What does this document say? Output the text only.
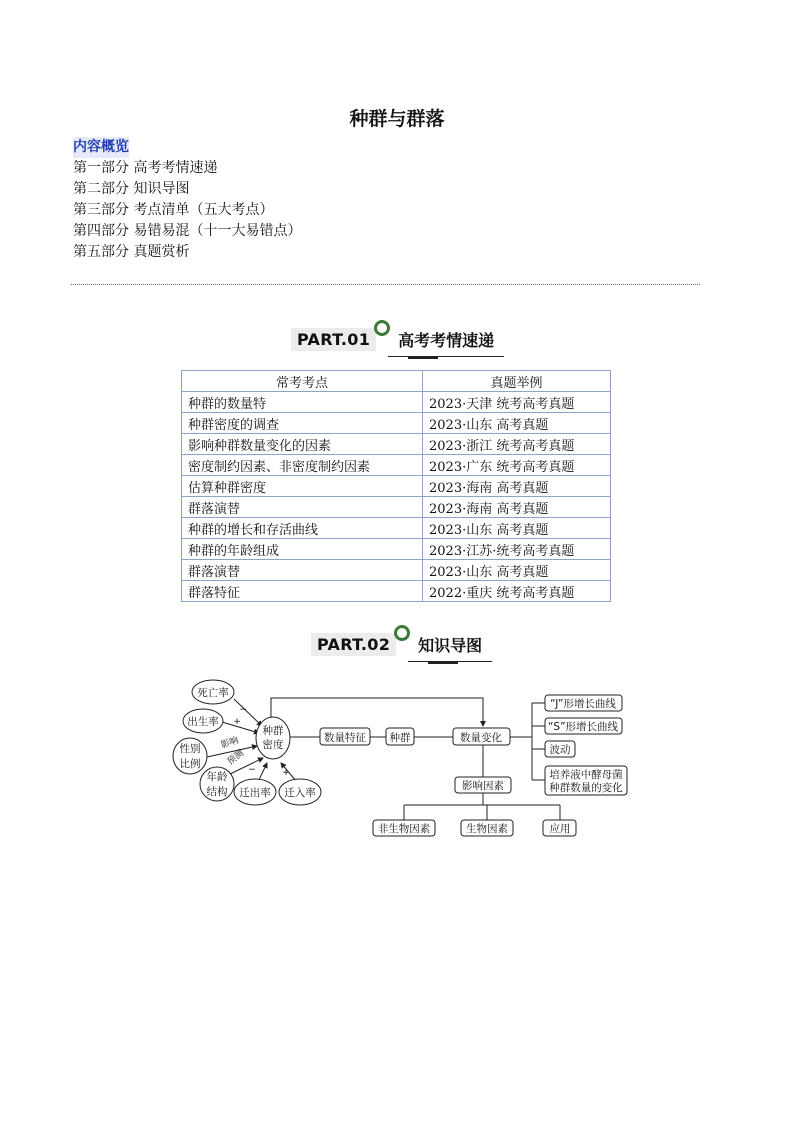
种群与群落
内容概览
第一部分 高考考情速递
第二部分 知识导图
第三部分 考点清单（五大考点）
第四部分 易错易混（十一大易错点）
第五部分 真题赏析
PART.01	高考考情速递
常考考点	真题举例
种群的数量特	2023·天津 统考高考真题
种群密度的调查	2023·山东 高考真题
影响种群数量变化的因素	2023·浙江 统考高考真题
密度制约因素、非密度制约因素	2023·广东 统考高考真题
估算种群密度	2023·海南 高考真题
群落演替	2023·海南 高考真题
种群的增长和存活曲线	2023·山东 高考真题
种群的年龄组成	2023·江苏·统考高考真题
群落演替	2023·山东 高考真题
群落特征	2022·重庆 统考高考真题
PART.02	知识导图
死亡率
出生率
性别
比例
年龄
结构 迁出率 迁入率
种群
密度
−
+
影响
预测
−	+
数量特征 种群	数量变化
“J”形增长曲线
“S”形增长曲线
波动
培养液中酵母菌
种群数量的变化
影响因素
非生物因素	生物因素	应用
